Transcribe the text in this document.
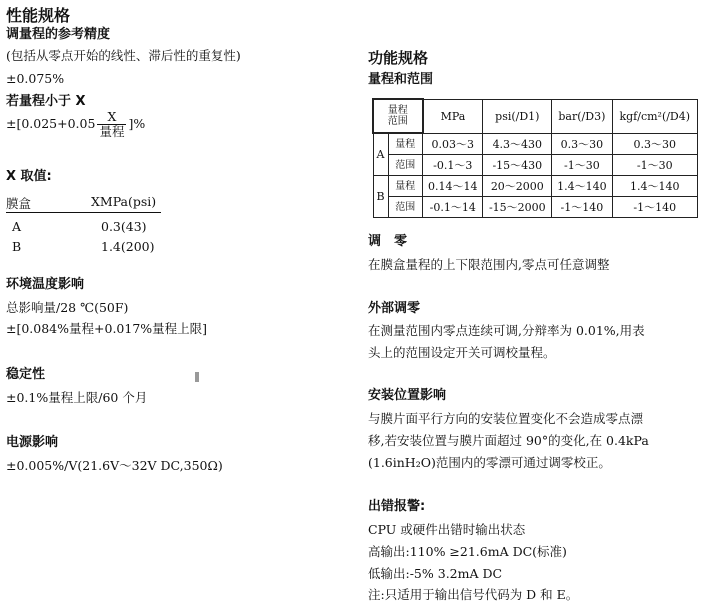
性能规格
调量程的参考精度
(包括从零点开始的线性、滞后性的重复性)
±0.075%
若量程小于 X
$\pm[0.025+0.05 \frac{X}{\text{量程}}$ ]%
X 取值:
膜盒	XMPa(psi)
A	0.3(43)
B	1.4(200)
环境温度影响
总影响量/28 ℃(50F)
±[0.084%量程+0.017%量程上限]
稳定性
±0.1%量程上限/60 个月
电源影响
±0.005%/V(21.6V～32V DC,350Ω)
功能规格
量程和范围
量程
范围		MPa	psi(/D1)	bar(/D3)	kgf/cm²(/D4)
A	量程	0.03～3	4.3～430	0.3～30	0.3～30
	范围	-0.1～3	-15～430	-1～30	-1～30
B	量程	0.14～14	20～2000	1.4～140	1.4～140
	范围	-0.1～14	-15～2000	-1～140	-1～140
调　零
在膜盒量程的上下限范围内,零点可任意调整
外部调零
在测量范围内零点连续可调,分辩率为 0.01%,用表
头上的范围设定开关可调校量程。
安装位置影响
与膜片面平行方向的安装位置变化不会造成零点漂
移,若安装位置与膜片面超过 90°的变化,在 0.4kPa
(1.6inH₂O)范围内的零漂可通过调零校正。
出错报警:
CPU 或硬件出错时输出状态
高输出:110% ≥21.6mA DC(标准)
低输出:-5% 3.2mA DC
注:只适用于输出信号代码为 D 和 E。
